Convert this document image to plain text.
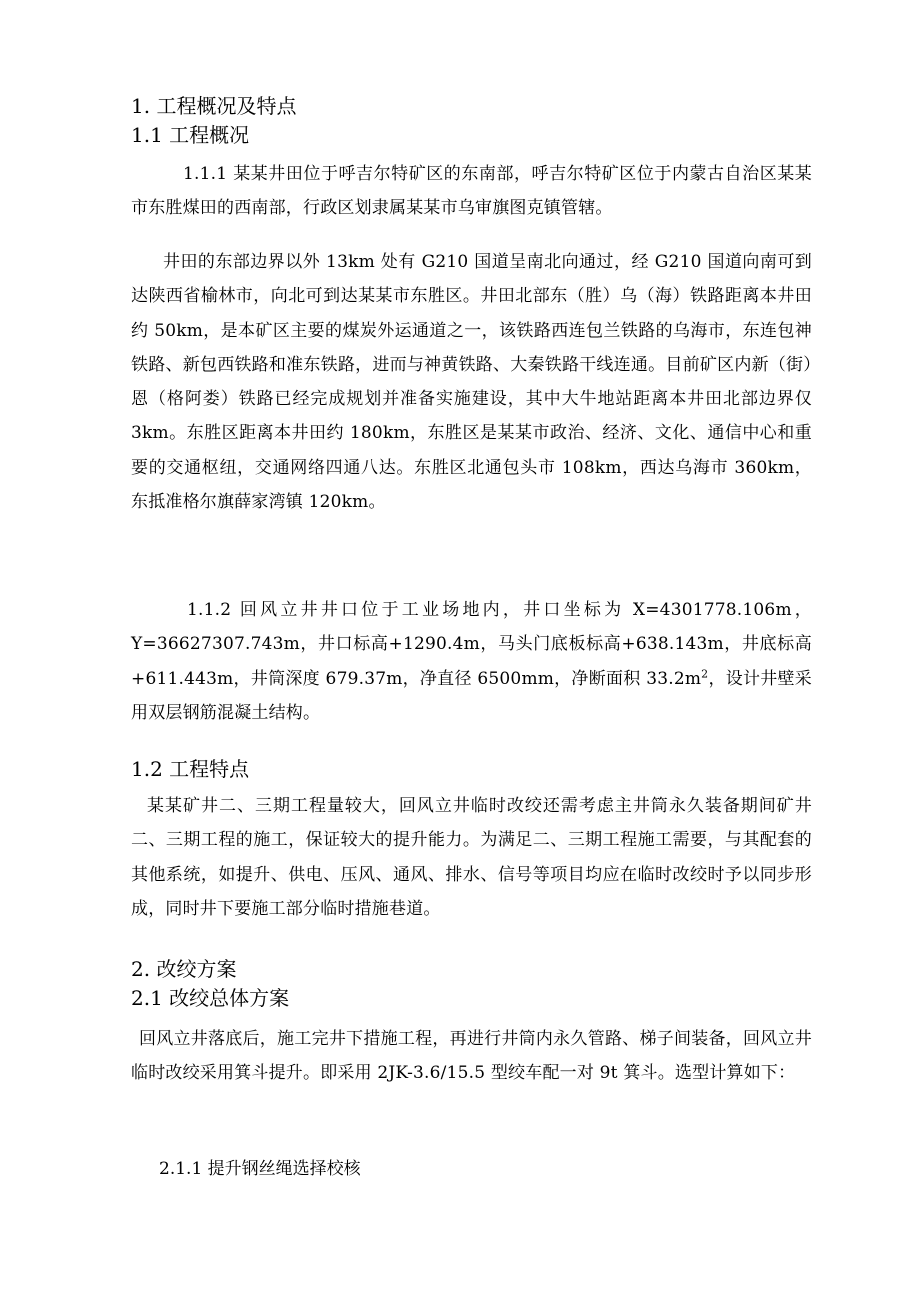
1. 工程概况及特点
1.1 工程概况
1.1.1 某某井田位于呼吉尔特矿区的东南部，呼吉尔特矿区位于内蒙古自治区某某市东胜煤田的西南部，行政区划隶属某某市乌审旗图克镇管辖。
井田的东部边界以外 13km 处有 G210 国道呈南北向通过，经 G210 国道向南可到达陕西省榆林市，向北可到达某某市东胜区。井田北部东（胜）乌（海）铁路距离本井田约 50km，是本矿区主要的煤炭外运通道之一，该铁路西连包兰铁路的乌海市，东连包神铁路、新包西铁路和准东铁路，进而与神黄铁路、大秦铁路干线连通。目前矿区内新（街）恩（格阿娄）铁路已经完成规划并准备实施建设，其中大牛地站距离本井田北部边界仅 3km。东胜区距离本井田约 180km，东胜区是某某市政治、经济、文化、通信中心和重要的交通枢纽，交通网络四通八达。东胜区北通包头市 108km，西达乌海市 360km，东抵准格尔旗薛家湾镇 120km。
1.1.2 回风立井井口位于工业场地内，井口坐标为 X=4301778.106m，Y=36627307.743m，井口标高+1290.4m，马头门底板标高+638.143m，井底标高+611.443m，井筒深度 679.37m，净直径 6500mm，净断面积 $33.2m^2$，设计井壁采用双层钢筋混凝土结构。
1.2 工程特点
某某矿井二、三期工程量较大，回风立井临时改绞还需考虑主井筒永久装备期间矿井二、三期工程的施工，保证较大的提升能力。为满足二、三期工程施工需要，与其配套的其他系统，如提升、供电、压风、通风、排水、信号等项目均应在临时改绞时予以同步形成，同时井下要施工部分临时措施巷道。
2. 改绞方案
2.1 改绞总体方案
回风立井落底后，施工完井下措施工程，再进行井筒内永久管路、梯子间装备，回风立井临时改绞采用箕斗提升。即采用 2JK-3.6/15.5 型绞车配一对 9t 箕斗。选型计算如下：
2.1.1 提升钢丝绳选择校核
